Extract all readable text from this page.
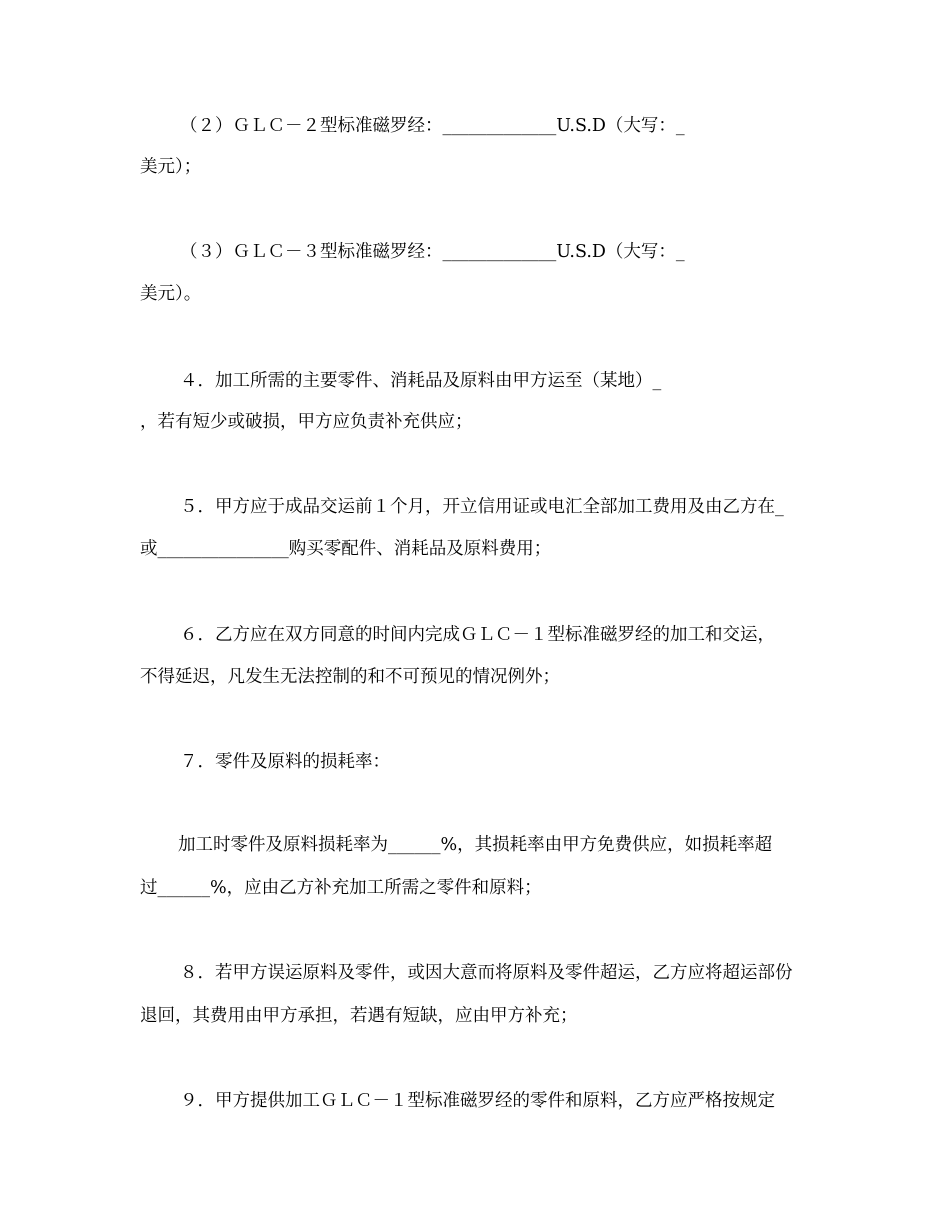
（２）ＧＬＣ－２型标准磁罗经：_____________U.S.D（大写：_
美元）；
（３）ＧＬＣ－３型标准磁罗经：_____________U.S.D（大写：_
美元）。
４．加工所需的主要零件、消耗品及原料由甲方运至（某地）_
，若有短少或破损，甲方应负责补充供应；
５．甲方应于成品交运前１个月，开立信用证或电汇全部加工费用及由乙方在_
或_______________购买零配件、消耗品及原料费用；
６．乙方应在双方同意的时间内完成ＧＬＣ－１型标准磁罗经的加工和交运，
不得延迟，凡发生无法控制的和不可预见的情况例外；
７．零件及原料的损耗率：
加工时零件及原料损耗率为______%，其损耗率由甲方免费供应，如损耗率超
过______%，应由乙方补充加工所需之零件和原料；
８．若甲方误运原料及零件，或因大意而将原料及零件超运，乙方应将超运部份
退回，其费用由甲方承担，若遇有短缺，应由甲方补充；
９．甲方提供加工ＧＬＣ－１型标准磁罗经的零件和原料，乙方应严格按规定
